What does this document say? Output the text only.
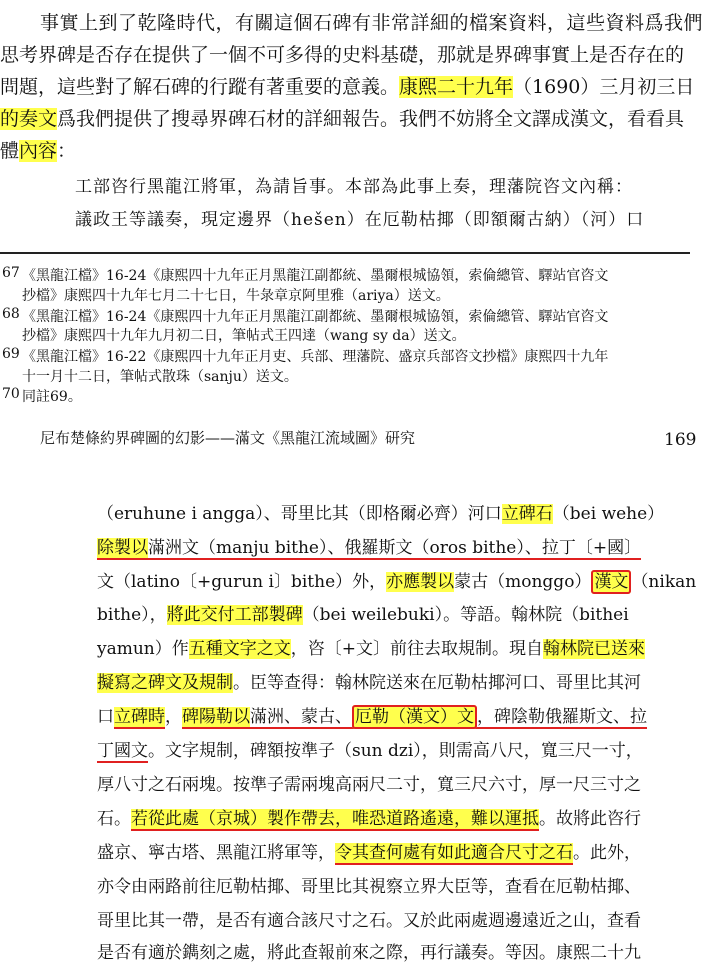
事實上到了乾隆時代，有關這個石碑有非常詳細的檔案資料，這些資料爲我們
思考界碑是否存在提供了一個不可多得的史料基礎，那就是界碑事實上是否存在的
問題，這些對了解石碑的行蹤有著重要的意義。康熙二十九年（1690）三月初三日
的奏文爲我們提供了搜尋界碑石材的詳細報告。我們不妨將全文譯成漢文，看看具
體內容：
工部咨行黑龍江將軍，為請旨事。本部為此事上奏，理藩院咨文內稱：
議政王等議奏，現定邊界（hešen）在厄勒枯揶（即額爾古納）（河）口
67 《黑龍江檔》16-24《康熙四十九年正月黑龍江副都統、墨爾根城協領，索倫總管、驛站官咨文
抄檔》康熙四十九年七月二十七日，牛彔章京阿里雅（ariya）送文。
68 《黑龍江檔》16-24《康熙四十九年正月黑龍江副都統、墨爾根城協領，索倫總管、驛站官咨文
抄檔》康熙四十九年九月初二日，筆帖式王四達（wang sy da）送文。
69 《黑龍江檔》16-22《康熙四十九年正月吏、兵部、理藩院、盛京兵部咨文抄檔》康熙四十九年
十一月十二日，筆帖式散珠（sanju）送文。
70 同註69。
尼布楚條約界碑圖的幻影——滿文《黑龍江流域圖》研究	169
（eruhune i angga）、哥里比其（即格爾必齊）河口立碑石（bei wehe）
除製以滿洲文（manju bithe）、俄羅斯文（oros bithe）、拉丁〔+國〕
文（latino〔+gurun i〕bithe）外，亦應製以蒙古（monggo） 漢文 （nikan
bithe），將此交付工部製碑（bei weilebuki）。等語。翰林院（bithei
yamun）作五種文字之文，咨〔+文〕前往去取規制。現自翰林院已送來
擬寫之碑文及規制。臣等查得：翰林院送來在厄勒枯揶河口、哥里比其河
口立碑時，碑陽勒以滿洲、蒙古、 厄勒（漢文）文 ，碑陰勒俄羅斯文、拉
丁國文。文字規制，碑額按準子（sun dzi），則需高八尺，寬三尺一寸，
厚八寸之石兩塊。按準子需兩塊高兩尺二寸，寬三尺六寸，厚一尺三寸之
石。若從此處（京城）製作帶去，唯恐道路遙遠，難以運抵。故將此咨行
盛京、寧古塔、黑龍江將軍等，令其查何處有如此適合尺寸之石。此外，
亦令由兩路前往厄勒枯揶、哥里比其視察立界大臣等，查看在厄勒枯揶、
哥里比其一帶，是否有適合該尺寸之石。又於此兩處週邊遠近之山，查看
是否有適於鐫刻之處，將此查報前來之際，再行議奏。等因。康熙二十九
